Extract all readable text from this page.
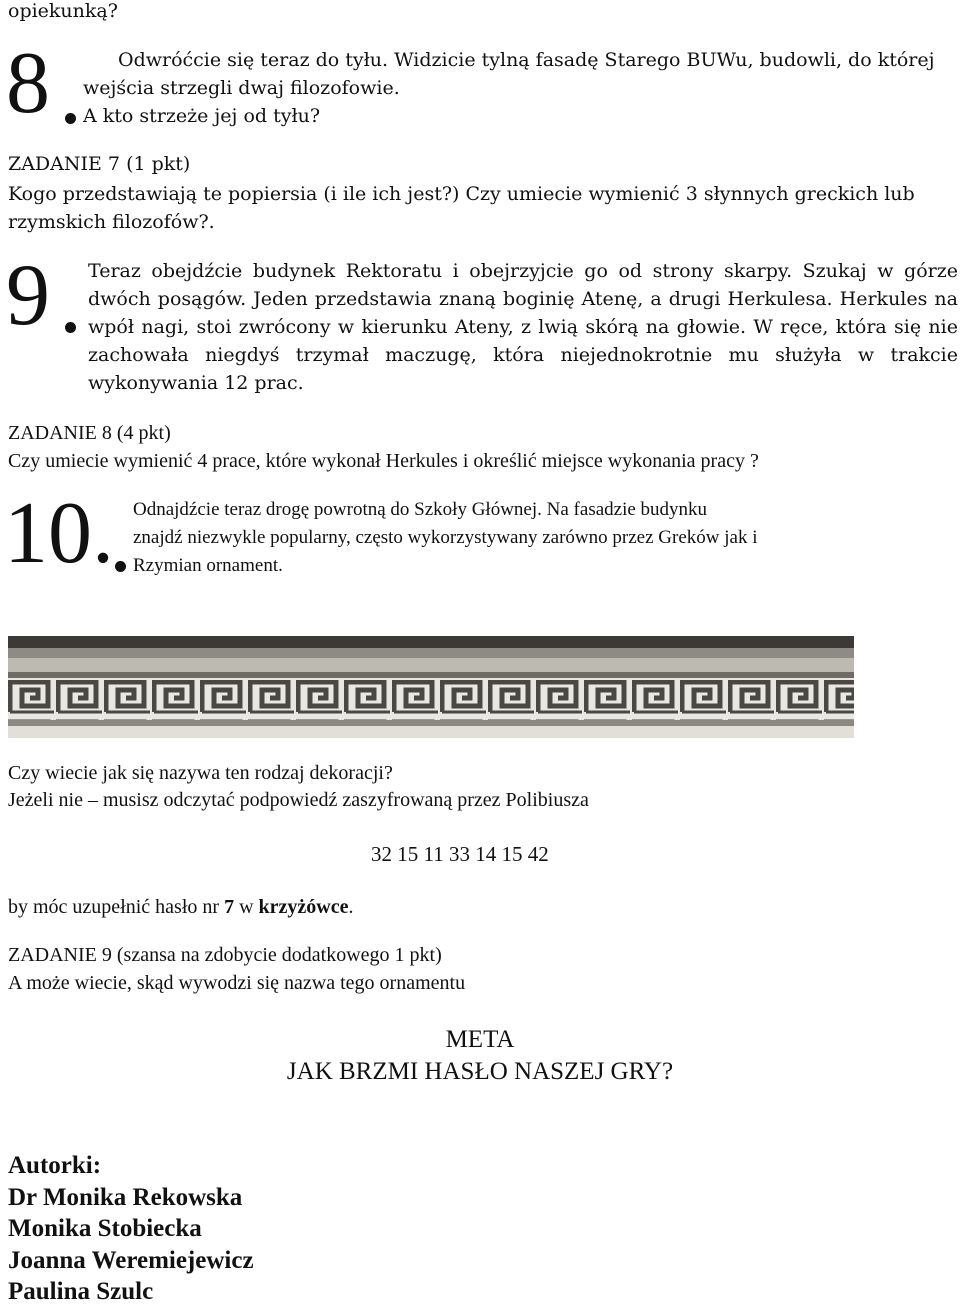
opiekunką?
8	Odwróćcie się teraz do tyłu. Widzicie tylną fasadę Starego BUWu, budowli, do której
wejścia strzegli dwaj filozofowie.
A kto strzeże jej od tyłu?
ZADANIE 7 (1 pkt)
Kogo przedstawiają te popiersia (i ile ich jest?) Czy umiecie wymienić 3 słynnych greckich lub
rzymskich filozofów?.
9	Teraz obejdźcie budynek Rektoratu i obejrzyjcie go od strony skarpy. Szukaj w górze dwóch posągów. Jeden przedstawia znaną boginię Atenę, a drugi Herkulesa. Herkules na wpół nagi, stoi zwrócony w kierunku Ateny, z lwią skórą na głowie. W ręce, która się nie zachowała niegdyś trzymał maczugę, która niejednokrotnie mu służyła w trakcie wykonywania 12 prac.
ZADANIE 8 (4 pkt)
Czy umiecie wymienić 4 prace, które wykonał Herkules i określić miejsce wykonania pracy ?
10. Odnajdźcie teraz drogę powrotną do Szkoły Głównej. Na fasadzie budynku
znajdź niezwykle popularny, często wykorzystywany zarówno przez Greków jak i
Rzymian ornament.
Czy wiecie jak się nazywa ten rodzaj dekoracji?
Jeżeli nie – musisz odczytać podpowiedź zaszyfrowaną przez Polibiusza
32 15 11 33 14 15 42
by móc uzupełnić hasło nr 7 w krzyżówce.
ZADANIE 9 (szansa na zdobycie dodatkowego 1 pkt)
A może wiecie, skąd wywodzi się nazwa tego ornamentu
META
JAK BRZMI HASŁO NASZEJ GRY?
Autorki:
Dr Monika Rekowska
Monika Stobiecka
Joanna Weremiejewicz
Paulina Szulc
